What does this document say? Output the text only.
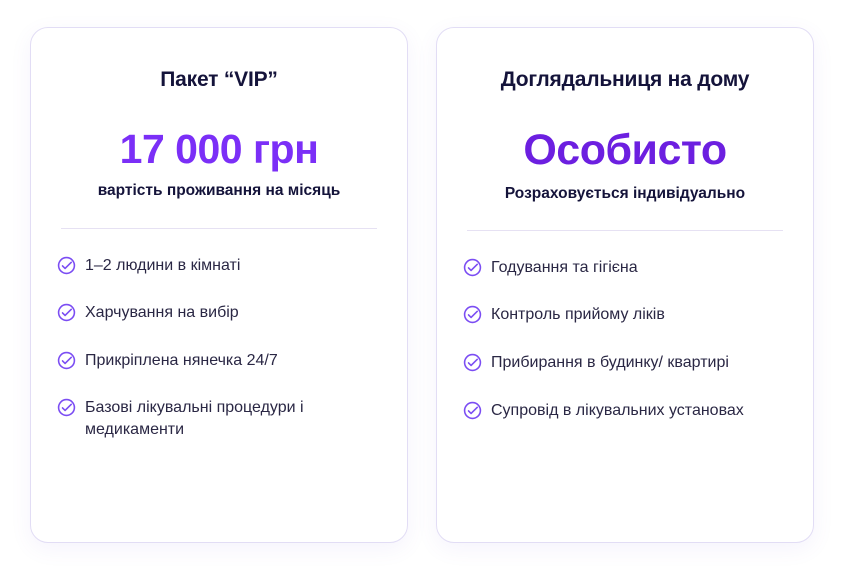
Пакет “VIP”
17 000 грн
вартість проживання на місяць
1–2 людини в кімнаті
Харчування на вибір
Прикріплена нянечка 24/7
Базові лікувальні процедури і медикаменти
Доглядальниця на дому
Особисто
Розраховується індивідуально
Годування та гігієна
Контроль прийому ліків
Прибирання в будинку/ квартирі
Супровід в лікувальних установах
